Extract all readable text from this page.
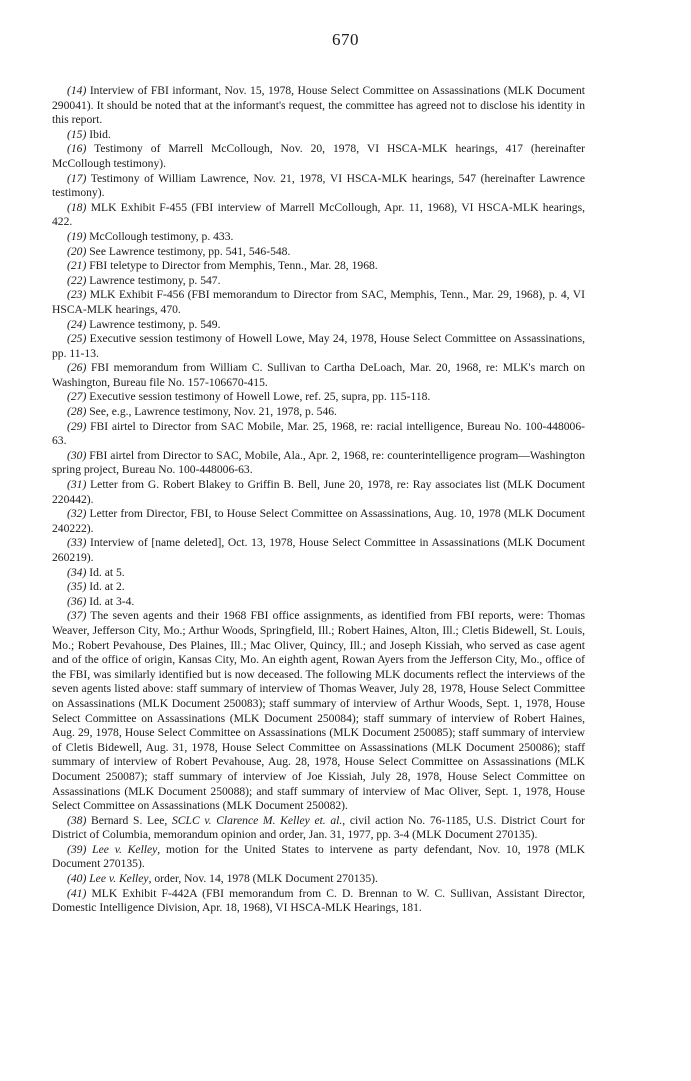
670

(14) Interview of FBI informant, Nov. 15, 1978, House Select Committee on Assassinations (MLK Document 290041). It should be noted that at the informant's request, the committee has agreed not to disclose his identity in this report.

(15) Ibid.

(16) Testimony of Marrell McCollough, Nov. 20, 1978, VI HSCA-MLK hearings, 417 (hereinafter McCollough testimony).

(17) Testimony of William Lawrence, Nov. 21, 1978, VI HSCA-MLK hearings, 547 (hereinafter Lawrence testimony).

(18) MLK Exhibit F-455 (FBI interview of Marrell McCollough, Apr. 11, 1968), VI HSCA-MLK hearings, 422.

(19) McCollough testimony, p. 433.

(20) See Lawrence testimony, pp. 541, 546-548.

(21) FBI teletype to Director from Memphis, Tenn., Mar. 28, 1968.

(22) Lawrence testimony, p. 547.

(23) MLK Exhibit F-456 (FBI memorandum to Director from SAC, Memphis, Tenn., Mar. 29, 1968), p. 4, VI HSCA-MLK hearings, 470.

(24) Lawrence testimony, p. 549.

(25) Executive session testimony of Howell Lowe, May 24, 1978, House Select Committee on Assassinations, pp. 11-13.

(26) FBI memorandum from William C. Sullivan to Cartha DeLoach, Mar. 20, 1968, re: MLK's march on Washington, Bureau file No. 157-106670-415.

(27) Executive session testimony of Howell Lowe, ref. 25, supra, pp. 115-118.

(28) See, e.g., Lawrence testimony, Nov. 21, 1978, p. 546.

(29) FBI airtel to Director from SAC Mobile, Mar. 25, 1968, re: racial intelligence, Bureau No. 100-448006-63.

(30) FBI airtel from Director to SAC, Mobile, Ala., Apr. 2, 1968, re: counterintelligence program—Washington spring project, Bureau No. 100-448006-63.

(31) Letter from G. Robert Blakey to Griffin B. Bell, June 20, 1978, re: Ray associates list (MLK Document 220442).

(32) Letter from Director, FBI, to House Select Committee on Assassinations, Aug. 10, 1978 (MLK Document 240222).

(33) Interview of [name deleted], Oct. 13, 1978, House Select Committee in Assassinations (MLK Document 260219).

(34) Id. at 5.

(35) Id. at 2.

(36) Id. at 3-4.

(37) The seven agents and their 1968 FBI office assignments, as identified from FBI reports, were: Thomas Weaver, Jefferson City, Mo.; Arthur Woods, Springfield, Ill.; Robert Haines, Alton, Ill.; Cletis Bidewell, St. Louis, Mo.; Robert Pevahouse, Des Plaines, Ill.; Mac Oliver, Quincy, Ill.; and Joseph Kissiah, who served as case agent and of the office of origin, Kansas City, Mo. An eighth agent, Rowan Ayers from the Jefferson City, Mo., office of the FBI, was similarly identified but is now deceased. The following MLK documents reflect the interviews of the seven agents listed above: staff summary of interview of Thomas Weaver, July 28, 1978, House Select Committee on Assassinations (MLK Document 250083); staff summary of interview of Arthur Woods, Sept. 1, 1978, House Select Committee on Assassinations (MLK Document 250084); staff summary of interview of Robert Haines, Aug. 29, 1978, House Select Committee on Assassinations (MLK Document 250085); staff summary of interview of Cletis Bidewell, Aug. 31, 1978, House Select Committee on Assassinations (MLK Document 250086); staff summary of interview of Robert Pevahouse, Aug. 28, 1978, House Select Committee on Assassinations (MLK Document 250087); staff summary of interview of Joe Kissiah, July 28, 1978, House Select Committee on Assassinations (MLK Document 250088); and staff summary of interview of Mac Oliver, Sept. 1, 1978, House Select Committee on Assassinations (MLK Document 250082).

(38) Bernard S. Lee, SCLC v. Clarence M. Kelley et. al., civil action No. 76-1185, U.S. District Court for District of Columbia, memorandum opinion and order, Jan. 31, 1977, pp. 3-4 (MLK Document 270135).

(39) Lee v. Kelley, motion for the United States to intervene as party defendant, Nov. 10, 1978 (MLK Document 270135).

(40) Lee v. Kelley, order, Nov. 14, 1978 (MLK Document 270135).

(41) MLK Exhibit F-442A (FBI memorandum from C. D. Brennan to W. C. Sullivan, Assistant Director, Domestic Intelligence Division, Apr. 18, 1968), VI HSCA-MLK Hearings, 181.
